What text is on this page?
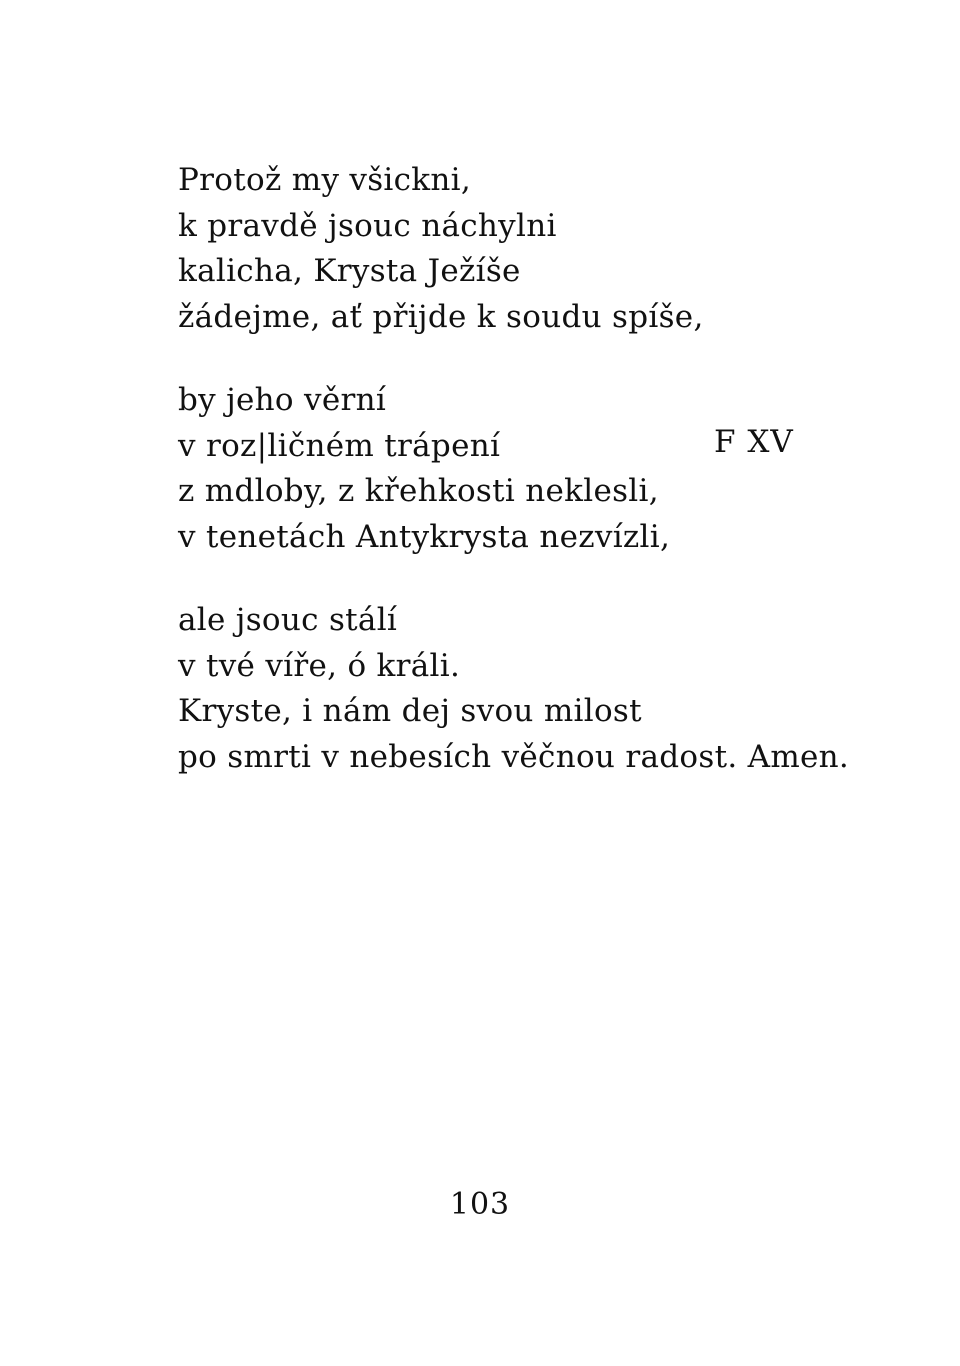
Protož my všickni,
k pravdě jsouc náchylni
kalicha, Krysta Ježíše
žádejme, ať přijde k soudu spíše,
by jeho věrní
v roz|ličném trápení
z mdloby, z křehkosti neklesli,
v tenetách Antykrysta nezvízli,
ale jsouc stálí
v tvé víře, ó králi.
Kryste, i nám dej svou milost
po smrti v nebesích věčnou radost. Amen.
F XV
103
